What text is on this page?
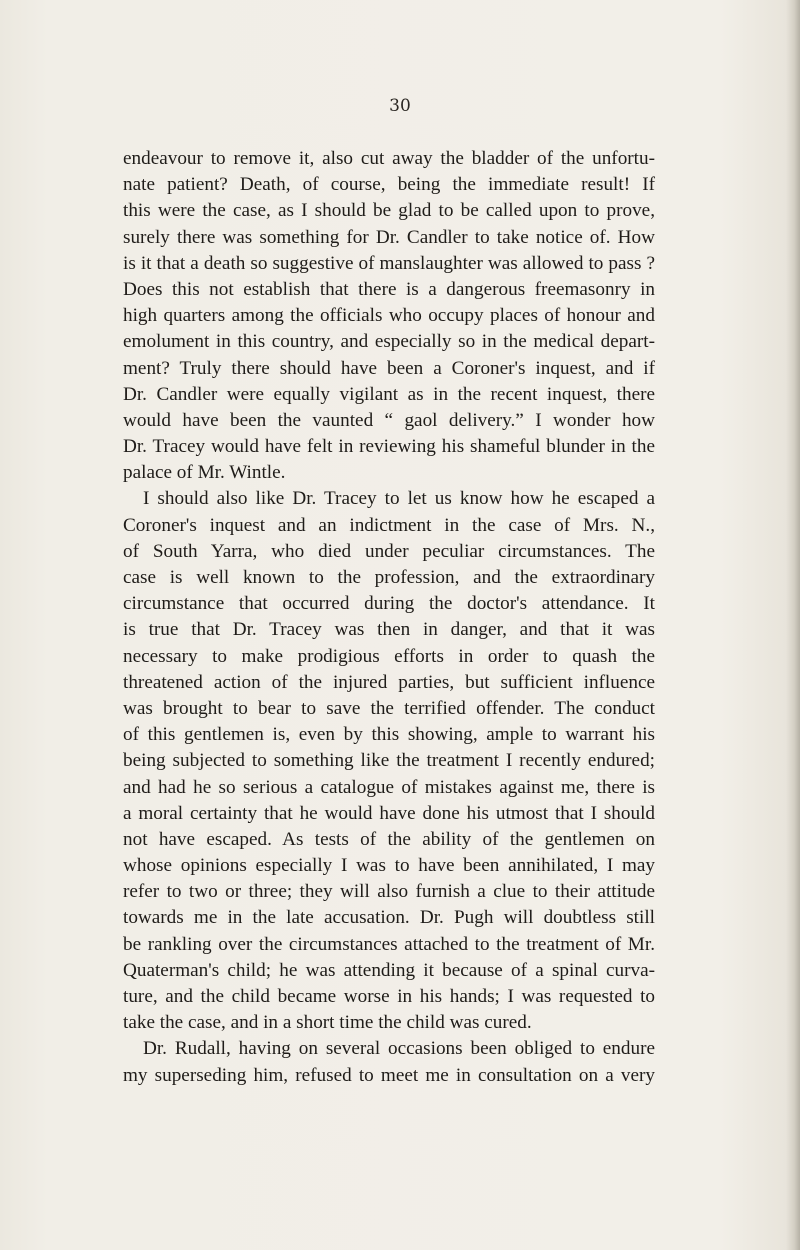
30
endeavour to remove it, also cut away the bladder of the unfortu-
nate patient? Death, of course, being the immediate result! If
this were the case, as I should be glad to be called upon to prove,
surely there was something for Dr. Candler to take notice of. How
is it that a death so suggestive of manslaughter was allowed to pass ?
Does this not establish that there is a dangerous freemasonry in
high quarters among the officials who occupy places of honour and
emolument in this country, and especially so in the medical depart-
ment? Truly there should have been a Coroner's inquest, and if
Dr. Candler were equally vigilant as in the recent inquest, there
would have been the vaunted “ gaol delivery.” I wonder how
Dr. Tracey would have felt in reviewing his shameful blunder in the
palace of Mr. Wintle.
I should also like Dr. Tracey to let us know how he escaped a
Coroner's inquest and an indictment in the case of Mrs. N.,
of South Yarra, who died under peculiar circumstances. The
case is well known to the profession, and the extraordinary
circumstance that occurred during the doctor's attendance. It
is true that Dr. Tracey was then in danger, and that it was
necessary to make prodigious efforts in order to quash the
threatened action of the injured parties, but sufficient influence
was brought to bear to save the terrified offender. The conduct
of this gentlemen is, even by this showing, ample to warrant his
being subjected to something like the treatment I recently endured;
and had he so serious a catalogue of mistakes against me, there is
a moral certainty that he would have done his utmost that I should
not have escaped. As tests of the ability of the gentlemen on
whose opinions especially I was to have been annihilated, I may
refer to two or three; they will also furnish a clue to their attitude
towards me in the late accusation. Dr. Pugh will doubtless still
be rankling over the circumstances attached to the treatment of Mr.
Quaterman's child; he was attending it because of a spinal curva-
ture, and the child became worse in his hands; I was requested to
take the case, and in a short time the child was cured.
Dr. Rudall, having on several occasions been obliged to endure
my superseding him, refused to meet me in consultation on a very
